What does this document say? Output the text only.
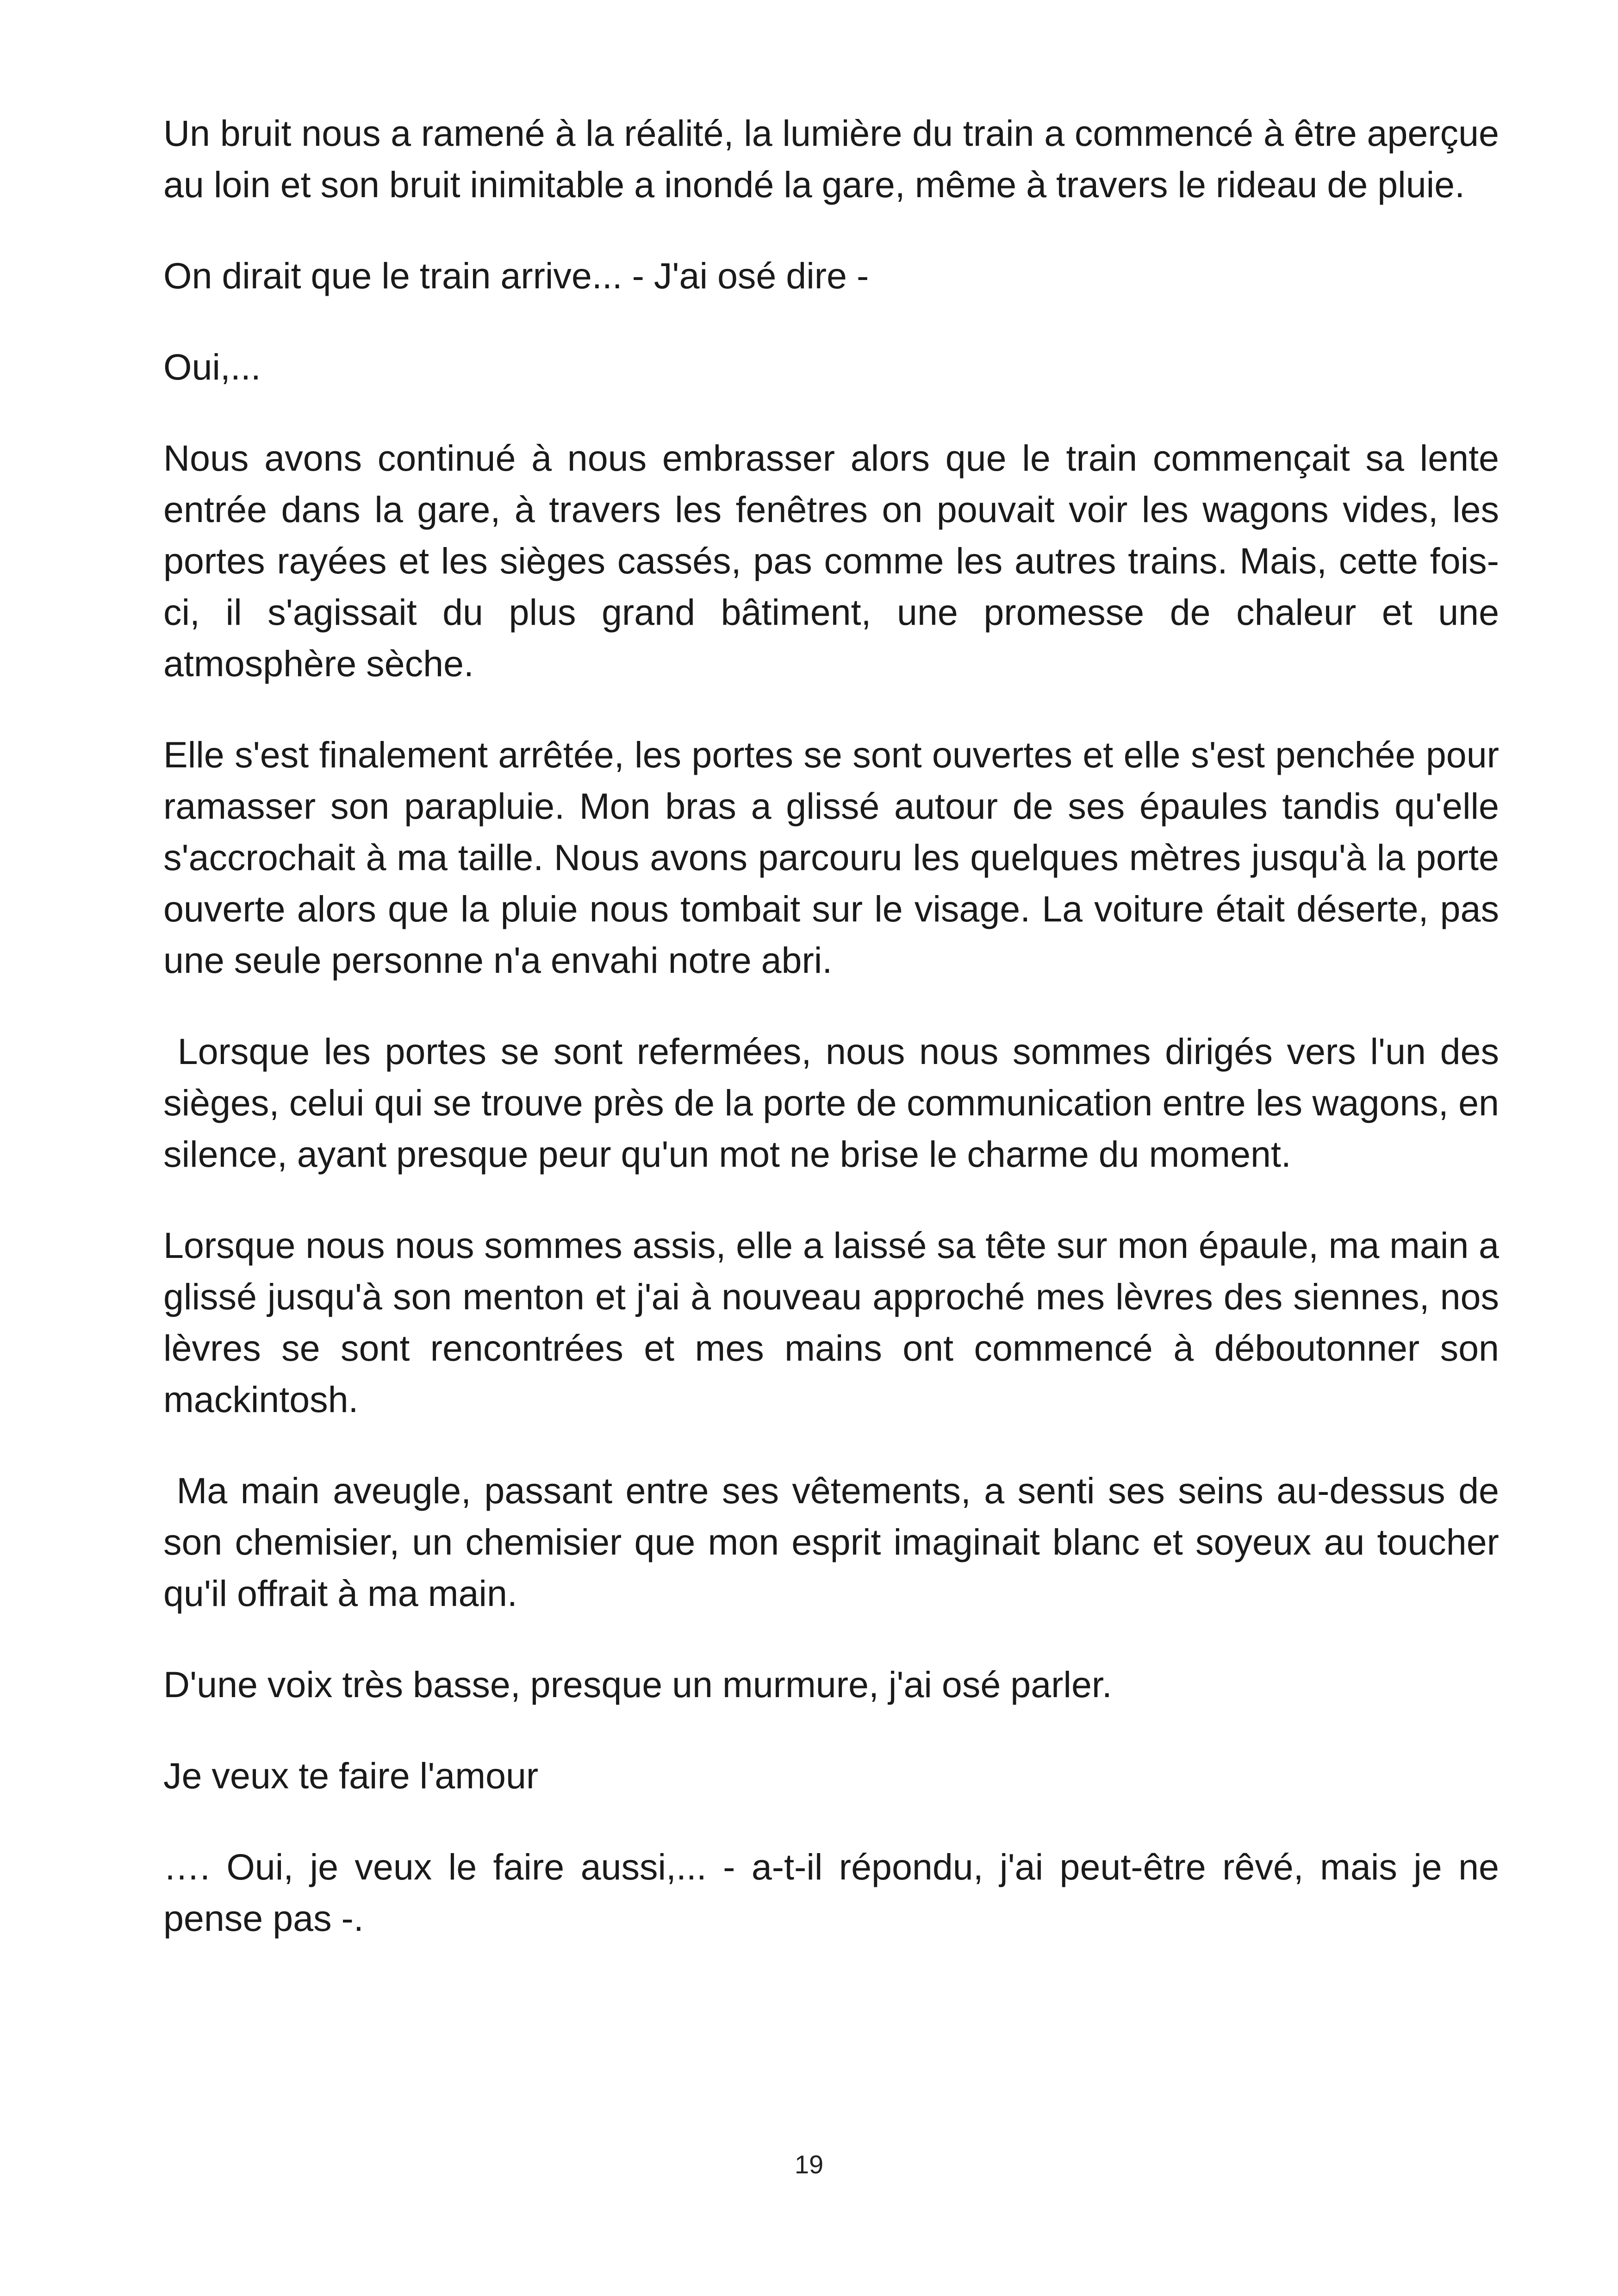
Un bruit nous a ramené à la réalité, la lumière du train a commencé à être aperçue au loin et son bruit inimitable a inondé la gare, même à travers le rideau de pluie.

On dirait que le train arrive... - J'ai osé dire -

Oui,...

Nous avons continué à nous embrasser alors que le train commençait sa lente entrée dans la gare, à travers les fenêtres on pouvait voir les wagons vides, les portes rayées et les sièges cassés, pas comme les autres trains. Mais, cette fois-ci, il s'agissait du plus grand bâtiment, une promesse de chaleur et une atmosphère sèche.

Elle s'est finalement arrêtée, les portes se sont ouvertes et elle s'est penchée pour ramasser son parapluie. Mon bras a glissé autour de ses épaules tandis qu'elle s'accrochait à ma taille. Nous avons parcouru les quelques mètres jusqu'à la porte ouverte alors que la pluie nous tombait sur le visage. La voiture était déserte, pas une seule personne n'a envahi notre abri.

Lorsque les portes se sont refermées, nous nous sommes dirigés vers l'un des sièges, celui qui se trouve près de la porte de communication entre les wagons, en silence, ayant presque peur qu'un mot ne brise le charme du moment.

Lorsque nous nous sommes assis, elle a laissé sa tête sur mon épaule, ma main a glissé jusqu'à son menton et j'ai à nouveau approché mes lèvres des siennes, nos lèvres se sont rencontrées et mes mains ont commencé à déboutonner son mackintosh.

Ma main aveugle, passant entre ses vêtements, a senti ses seins au-dessus de son chemisier, un chemisier que mon esprit imaginait blanc et soyeux au toucher qu'il offrait à ma main.

D'une voix très basse, presque un murmure, j'ai osé parler.

Je veux te faire l'amour

…. Oui, je veux le faire aussi,... - a-t-il répondu, j'ai peut-être rêvé, mais je ne pense pas -.

19
